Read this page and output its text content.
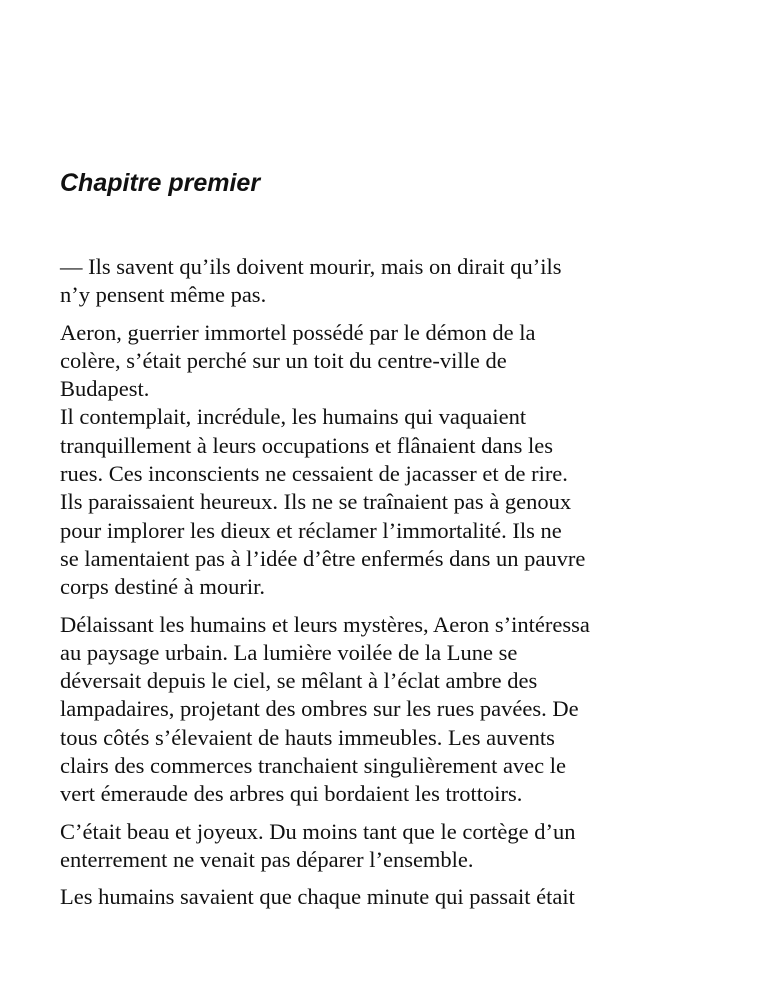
Chapitre premier

— Ils savent qu’ils doivent mourir, mais on dirait qu’ils
n’y pensent même pas.

Aeron, guerrier immortel possédé par le démon de la
colère, s’était perché sur un toit du centre-ville de
Budapest.
Il contemplait, incrédule, les humains qui vaquaient
tranquillement à leurs occupations et flânaient dans les
rues. Ces inconscients ne cessaient de jacasser et de rire.
Ils paraissaient heureux. Ils ne se traînaient pas à genoux
pour implorer les dieux et réclamer l’immortalité. Ils ne
se lamentaient pas à l’idée d’être enfermés dans un pauvre
corps destiné à mourir.

Délaissant les humains et leurs mystères, Aeron s’intéressa
au paysage urbain. La lumière voilée de la Lune se
déversait depuis le ciel, se mêlant à l’éclat ambre des
lampadaires, projetant des ombres sur les rues pavées. De
tous côtés s’élevaient de hauts immeubles. Les auvents
clairs des commerces tranchaient singulièrement avec le
vert émeraude des arbres qui bordaient les trottoirs.

C’était beau et joyeux. Du moins tant que le cortège d’un
enterrement ne venait pas déparer l’ensemble.

Les humains savaient que chaque minute qui passait était
